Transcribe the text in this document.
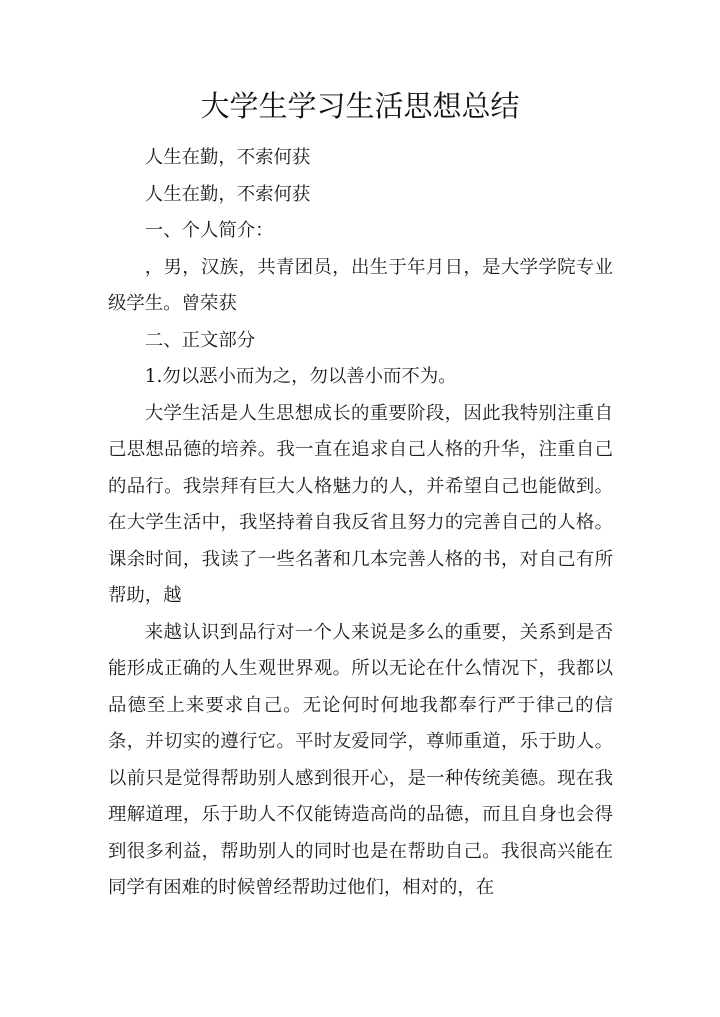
大学生学习生活思想总结

人生在勤，不索何获

人生在勤，不索何获

一、个人简介：

，男，汉族，共青团员，出生于年月日，是大学学院专业级学生。曾荣获

二、正文部分

1.勿以恶小而为之，勿以善小而不为。

大学生活是人生思想成长的重要阶段，因此我特别注重自己思想品德的培养。我一直在追求自己人格的升华，注重自己的品行。我崇拜有巨大人格魅力的人，并希望自己也能做到。在大学生活中，我坚持着自我反省且努力的完善自己的人格。课余时间，我读了一些名著和几本完善人格的书，对自己有所帮助，越

来越认识到品行对一个人来说是多么的重要，关系到是否能形成正确的人生观世界观。所以无论在什么情况下，我都以品德至上来要求自己。无论何时何地我都奉行严于律己的信条，并切实的遵行它。平时友爱同学，尊师重道，乐于助人。以前只是觉得帮助别人感到很开心，是一种传统美德。现在我理解道理，乐于助人不仅能铸造高尚的品德，而且自身也会得到很多利益，帮助别人的同时也是在帮助自己。我很高兴能在同学有困难的时候曾经帮助过他们，相对的，在
